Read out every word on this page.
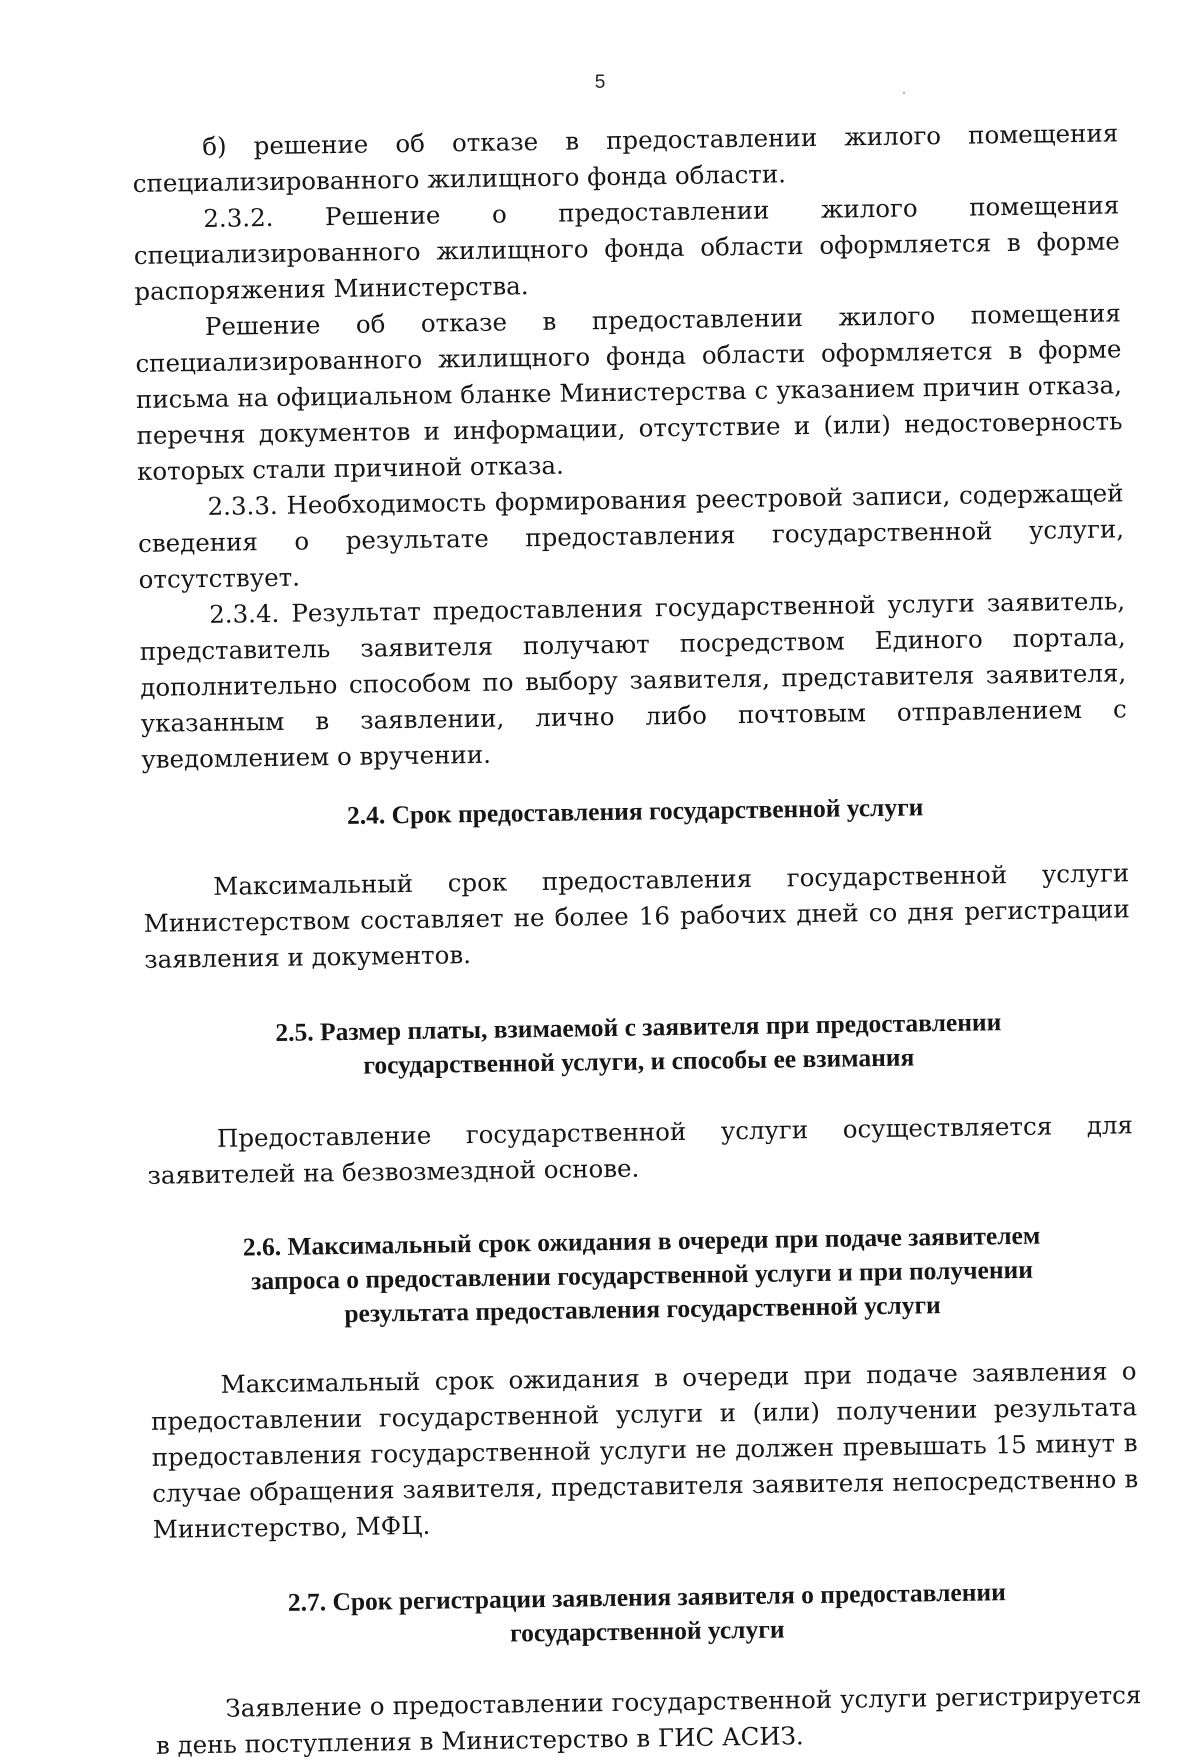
5

б) решение об отказе в предоставлении жилого помещения специализированного жилищного фонда области.

2.3.2. Решение о предоставлении жилого помещения специализированного жилищного фонда области оформляется в форме распоряжения Министерства.

Решение об отказе в предоставлении жилого помещения специализированного жилищного фонда области оформляется в форме письма на официальном бланке Министерства с указанием причин отказа, перечня документов и информации, отсутствие и (или) недостоверность которых стали причиной отказа.

2.3.3. Необходимость формирования реестровой записи, содержащей сведения о результате предоставления государственной услуги, отсутствует.

2.3.4. Результат предоставления государственной услуги заявитель, представитель заявителя получают посредством Единого портала, дополнительно способом по выбору заявителя, представителя заявителя, указанным в заявлении, лично либо почтовым отправлением с уведомлением о вручении.

2.4. Срок предоставления государственной услуги

Максимальный срок предоставления государственной услуги Министерством составляет не более 16 рабочих дней со дня регистрации заявления и документов.

2.5. Размер платы, взимаемой с заявителя при предоставлении государственной услуги, и способы ее взимания

Предоставление государственной услуги осуществляется для заявителей на безвозмездной основе.

2.6. Максимальный срок ожидания в очереди при подаче заявителем запроса о предоставлении государственной услуги и при получении результата предоставления государственной услуги

Максимальный срок ожидания в очереди при подаче заявления о предоставлении государственной услуги и (или) получении результата предоставления государственной услуги не должен превышать 15 минут в случае обращения заявителя, представителя заявителя непосредственно в Министерство, МФЦ.

2.7. Срок регистрации заявления заявителя о предоставлении государственной услуги

Заявление о предоставлении государственной услуги регистрируется в день поступления в Министерство в ГИС АСИЗ.
